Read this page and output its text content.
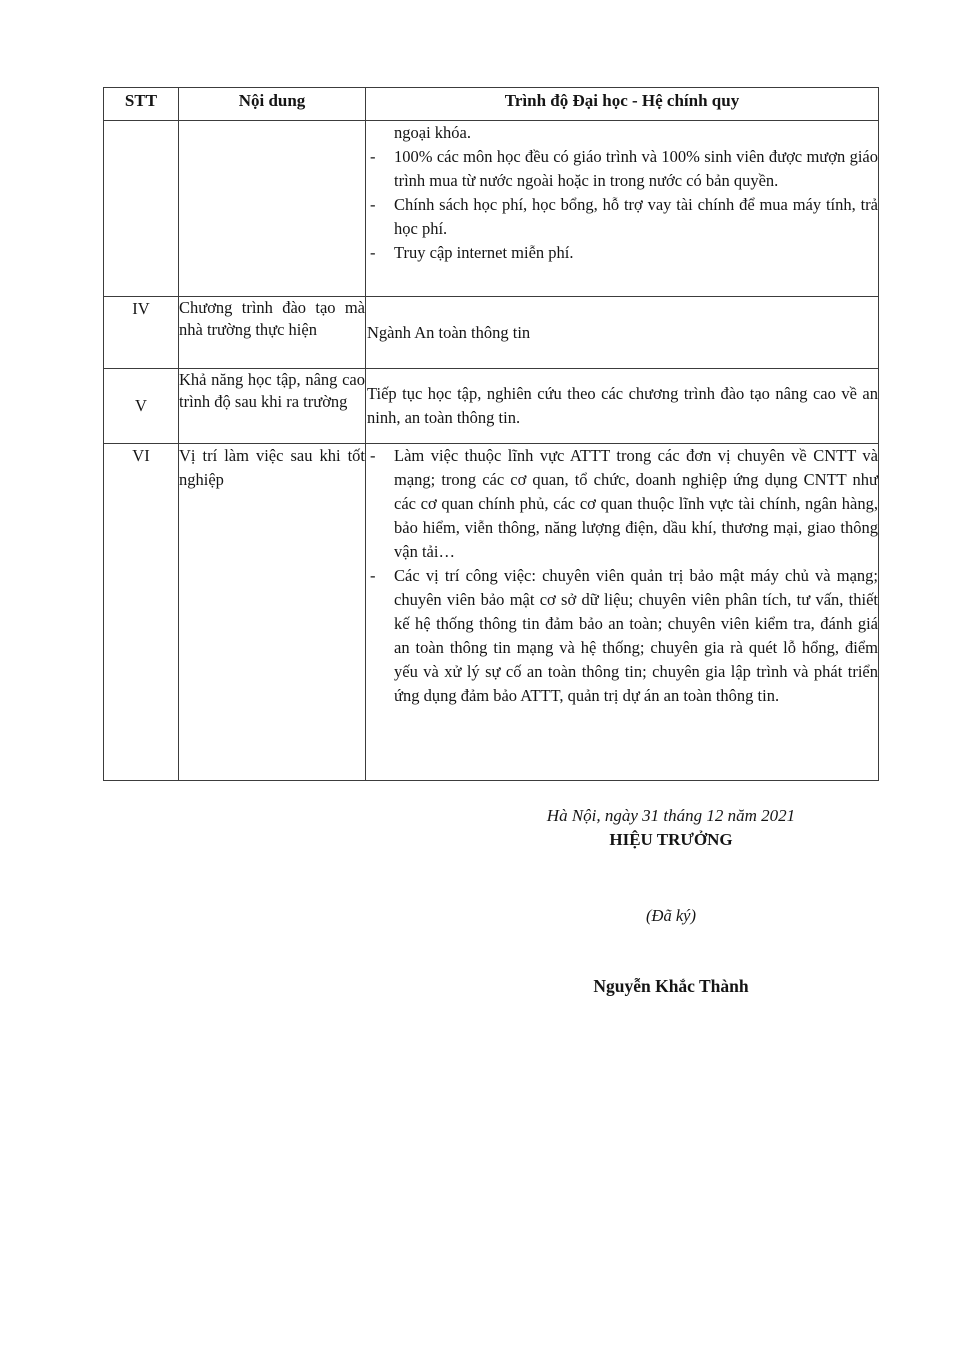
STT	Nội dung	Trình độ Đại học - Hệ chính quy

ngoại khóa.
- 100% các môn học đều có giáo trình và 100% sinh viên được mượn giáo trình mua từ nước ngoài hoặc in trong nước có bản quyền.
- Chính sách học phí, học bổng, hỗ trợ vay tài chính để mua máy tính, trả học phí.
- Truy cập internet miễn phí.

IV	Chương trình đào tạo mà nhà trường thực hiện	Ngành An toàn thông tin

V	Khả năng học tập, nâng cao trình độ sau khi ra trường	Tiếp tục học tập, nghiên cứu theo các chương trình đào tạo nâng cao về an ninh, an toàn thông tin.

VI	Vị trí làm việc sau khi tốt nghiệp	- Làm việc thuộc lĩnh vực ATTT trong các đơn vị chuyên về CNTT và mạng; trong các cơ quan, tổ chức, doanh nghiệp ứng dụng CNTT như các cơ quan chính phủ, các cơ quan thuộc lĩnh vực tài chính, ngân hàng, bảo hiểm, viễn thông, năng lượng điện, dầu khí, thương mại, giao thông vận tải…
- Các vị trí công việc: chuyên viên quản trị bảo mật máy chủ và mạng; chuyên viên bảo mật cơ sở dữ liệu; chuyên viên phân tích, tư vấn, thiết kế hệ thống thông tin đảm bảo an toàn; chuyên viên kiểm tra, đánh giá an toàn thông tin mạng và hệ thống; chuyên gia rà quét lỗ hổng, điểm yếu và xử lý sự cố an toàn thông tin; chuyên gia lập trình và phát triển ứng dụng đảm bảo ATTT, quản trị dự án an toàn thông tin.
Hà Nội, ngày 31 tháng 12 năm 2021
HIỆU TRƯỞNG
(Đã ký)
Nguyễn Khắc Thành
